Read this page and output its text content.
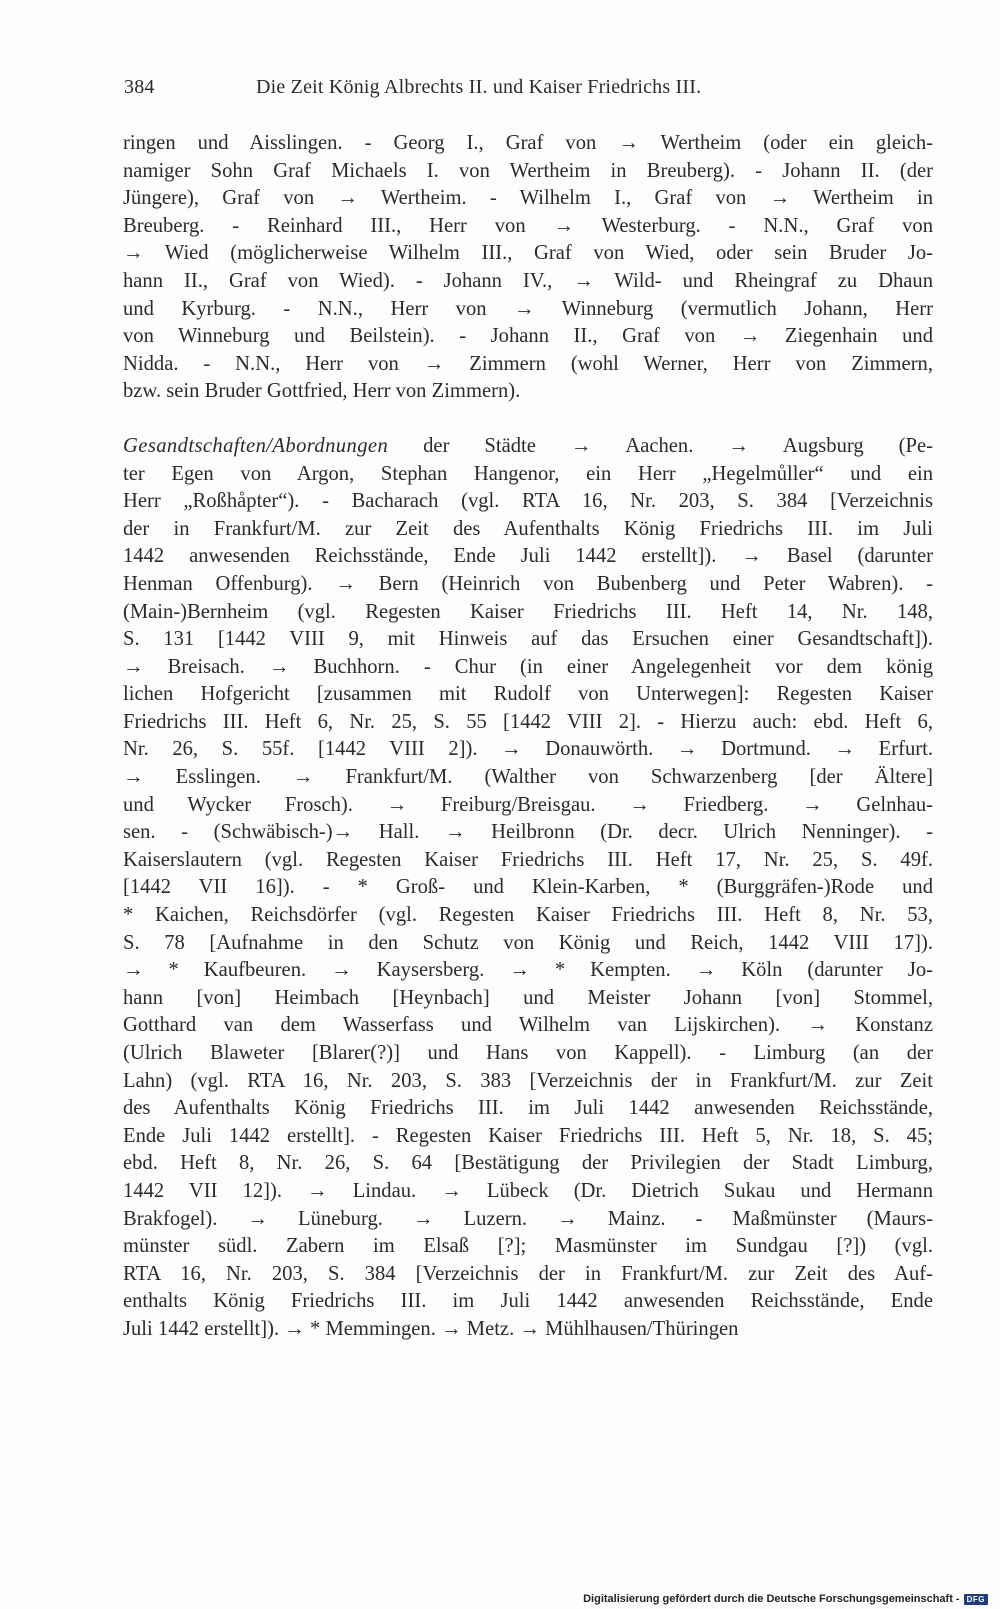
384	Die Zeit König Albrechts II. und Kaiser Friedrichs III.
ringen und Aisslingen. - Georg I., Graf von → Wertheim (oder ein gleich-
namiger Sohn Graf Michaels I. von Wertheim in Breuberg). - Johann II. (der
Jüngere), Graf von → Wertheim. - Wilhelm I., Graf von → Wertheim in
Breuberg. - Reinhard III., Herr von → Westerburg. - N.N., Graf von
→ Wied (möglicherweise Wilhelm III., Graf von Wied, oder sein Bruder Jo-
hann II., Graf von Wied). - Johann IV., → Wild- und Rheingraf zu Dhaun
und Kyrburg. - N.N., Herr von → Winneburg (vermutlich Johann, Herr
von Winneburg und Beilstein). - Johann II., Graf von → Ziegenhain und
Nidda. - N.N., Herr von → Zimmern (wohl Werner, Herr von Zimmern,
bzw. sein Bruder Gottfried, Herr von Zimmern).
Gesandtschaften/Abordnungen der Städte → Aachen. → Augsburg (Pe-
ter Egen von Argon, Stephan Hangenor, ein Herr „Hegelmůller“ und ein
Herr „Roßhåpter“). - Bacharach (vgl. RTA 16, Nr. 203, S. 384 [Verzeichnis
der in Frankfurt/M. zur Zeit des Aufenthalts König Friedrichs III. im Juli
1442 anwesenden Reichsstände, Ende Juli 1442 erstellt]). → Basel (darunter
Henman Offenburg). → Bern (Heinrich von Bubenberg und Peter Wabren). -
(Main-)Bernheim (vgl. Regesten Kaiser Friedrichs III. Heft 14, Nr. 148,
S. 131 [1442 VIII 9, mit Hinweis auf das Ersuchen einer Gesandtschaft]).
→ Breisach. → Buchhorn. - Chur (in einer Angelegenheit vor dem könig
lichen Hofgericht [zusammen mit Rudolf von Unterwegen]: Regesten Kaiser
Friedrichs III. Heft 6, Nr. 25, S. 55 [1442 VIII 2]. - Hierzu auch: ebd. Heft 6,
Nr. 26, S. 55f. [1442 VIII 2]). → Donauwörth. → Dortmund. → Erfurt.
→ Esslingen. → Frankfurt/M. (Walther von Schwarzenberg [der Ältere]
und Wycker Frosch). → Freiburg/Breisgau. → Friedberg. → Gelnhau-
sen. - (Schwäbisch-)→ Hall. → Heilbronn (Dr. decr. Ulrich Nenninger). -
Kaiserslautern (vgl. Regesten Kaiser Friedrichs III. Heft 17, Nr. 25, S. 49f.
[1442 VII 16]). - * Groß- und Klein-Karben, * (Burggräfen-)Rode und
* Kaichen, Reichsdörfer (vgl. Regesten Kaiser Friedrichs III. Heft 8, Nr. 53,
S. 78 [Aufnahme in den Schutz von König und Reich, 1442 VIII 17]).
→ * Kaufbeuren. → Kaysersberg. → * Kempten. → Köln (darunter Jo-
hann [von] Heimbach [Heynbach] und Meister Johann [von] Stommel,
Gotthard van dem Wasserfass und Wilhelm van Lijskirchen). → Konstanz
(Ulrich Blaweter [Blarer(?)] und Hans von Kappell). - Limburg (an der
Lahn) (vgl. RTA 16, Nr. 203, S. 383 [Verzeichnis der in Frankfurt/M. zur Zeit
des Aufenthalts König Friedrichs III. im Juli 1442 anwesenden Reichsstände,
Ende Juli 1442 erstellt]. - Regesten Kaiser Friedrichs III. Heft 5, Nr. 18, S. 45;
ebd. Heft 8, Nr. 26, S. 64 [Bestätigung der Privilegien der Stadt Limburg,
1442 VII 12]). → Lindau. → Lübeck (Dr. Dietrich Sukau und Hermann
Brakfogel). → Lüneburg. → Luzern. → Mainz. - Maßmünster (Maurs-
münster südl. Zabern im Elsaß [?]; Masmünster im Sundgau [?]) (vgl.
RTA 16, Nr. 203, S. 384 [Verzeichnis der in Frankfurt/M. zur Zeit des Auf-
enthalts König Friedrichs III. im Juli 1442 anwesenden Reichsstände, Ende
Juli 1442 erstellt]). → * Memmingen. → Metz. → Mühlhausen/Thüringen
Digitalisierung gefördert durch die Deutsche Forschungsgemeinschaft - DFG
